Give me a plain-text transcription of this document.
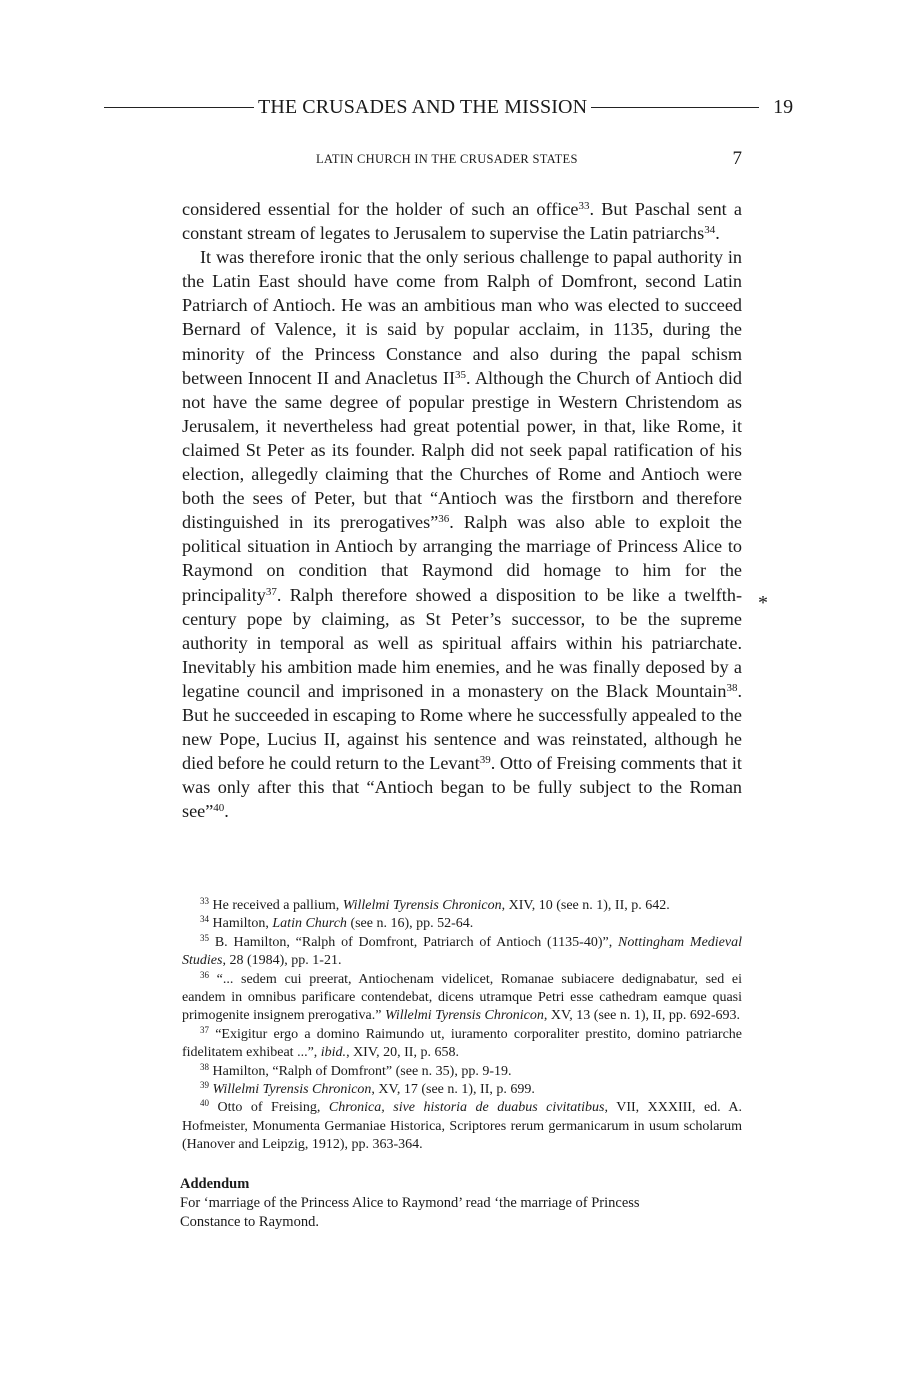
THE CRUSADES AND THE MISSION	19
LATIN CHURCH IN THE CRUSADER STATES	7

considered essential for the holder of such an office$^{33}$. But Paschal sent a constant stream of legates to Jerusalem to supervise the Latin patriarchs$^{34}$.

It was therefore ironic that the only serious challenge to papal authority in the Latin East should have come from Ralph of Domfront, second Latin Patriarch of Antioch. He was an ambitious man who was elected to succeed Bernard of Valence, it is said by popular acclaim, in 1135, during the minority of the Princess Constance and also during the papal schism between Innocent II and Anacletus II$^{35}$. Although the Church of Antioch did not have the same degree of popular prestige in Western Christendom as Jerusalem, it nevertheless had great potential power, in that, like Rome, it claimed St Peter as its founder. Ralph did not seek papal ratification of his election, allegedly claiming that the Churches of Rome and Antioch were both the sees of Peter, but that “Antioch was the firstborn and therefore distinguished in its prerogatives”$^{36}$. Ralph was also able to exploit the political situation in Antioch by arranging the marriage of Princess Alice to Raymond on condition that Raymond did homage to him for the principality$^{37}$. Ralph therefore showed a disposition to be like a twelfth-century pope by claiming, as St Peter’s successor, to be the supreme authority in temporal as well as spiritual affairs within his patriarchate. Inevitably his ambition made him enemies, and he was finally deposed by a legatine council and imprisoned in a monastery on the Black Mountain$^{38}$. But he succeeded in escaping to Rome where he successfully appealed to the new Pope, Lucius II, against his sentence and was reinstated, although he died before he could return to the Levant$^{39}$. Otto of Freising comments that it was only after this that “Antioch began to be fully subject to the Roman see”$^{40}$.

*

$^{33}$ He received a pallium, Willelmi Tyrensis Chronicon, XIV, 10 (see n. 1), II, p. 642.

$^{34}$ Hamilton, Latin Church (see n. 16), pp. 52-64.

$^{35}$ B. Hamilton, “Ralph of Domfront, Patriarch of Antioch (1135-40)”, Nottingham Medieval Studies, 28 (1984), pp. 1-21.

$^{36}$ “... sedem cui preerat, Antiochenam videlicet, Romanae subiacere dedignabatur, sed ei eandem in omnibus parificare contendebat, dicens utramque Petri esse cathedram eamque quasi primogenite insignem prerogativa.” Willelmi Tyrensis Chronicon, XV, 13 (see n. 1), II, pp. 692-693.

$^{37}$ “Exigitur ergo a domino Raimundo ut, iuramento corporaliter prestito, domino patriarche fidelitatem exhibeat ...”, ibid., XIV, 20, II, p. 658.

$^{38}$ Hamilton, “Ralph of Domfront” (see n. 35), pp. 9-19.

$^{39}$ Willelmi Tyrensis Chronicon, XV, 17 (see n. 1), II, p. 699.

$^{40}$ Otto of Freising, Chronica, sive historia de duabus civitatibus, VII, XXXIII, ed. A. Hofmeister, Monumenta Germaniae Historica, Scriptores rerum germanicarum in usum scholarum (Hanover and Leipzig, 1912), pp. 363-364.

Addendum
For ‘marriage of the Princess Alice to Raymond’ read ‘the marriage of Princess
Constance to Raymond.
